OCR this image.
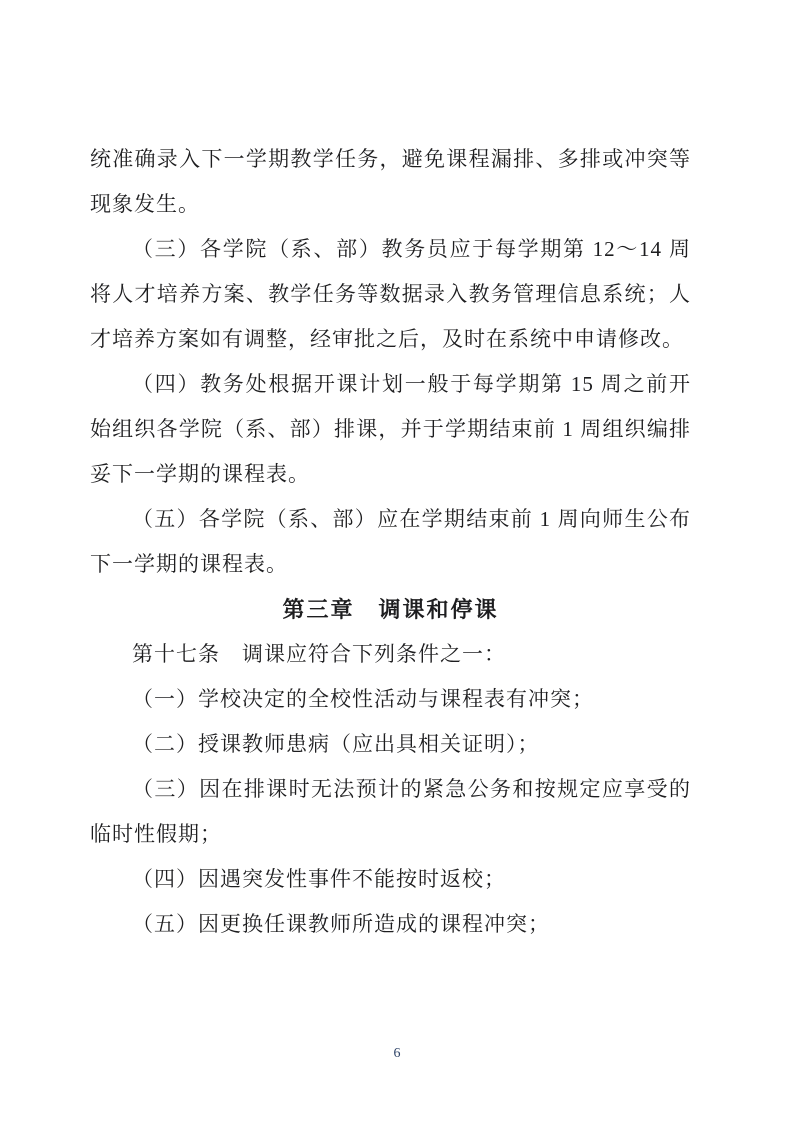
统准确录入下一学期教学任务，避免课程漏排、多排或冲突等现象发生。

（三）各学院（系、部）教务员应于每学期第 12～14 周将人才培养方案、教学任务等数据录入教务管理信息系统；人才培养方案如有调整，经审批之后，及时在系统中申请修改。

（四）教务处根据开课计划一般于每学期第 15 周之前开始组织各学院（系、部）排课，并于学期结束前 1 周组织编排妥下一学期的课程表。

（五）各学院（系、部）应在学期结束前 1 周向师生公布下一学期的课程表。

第三章　调课和停课

第十七条　调课应符合下列条件之一：

（一）学校决定的全校性活动与课程表有冲突；

（二）授课教师患病（应出具相关证明）；

（三）因在排课时无法预计的紧急公务和按规定应享受的临时性假期；

（四）因遇突发性事件不能按时返校；

（五）因更换任课教师所造成的课程冲突；

6
